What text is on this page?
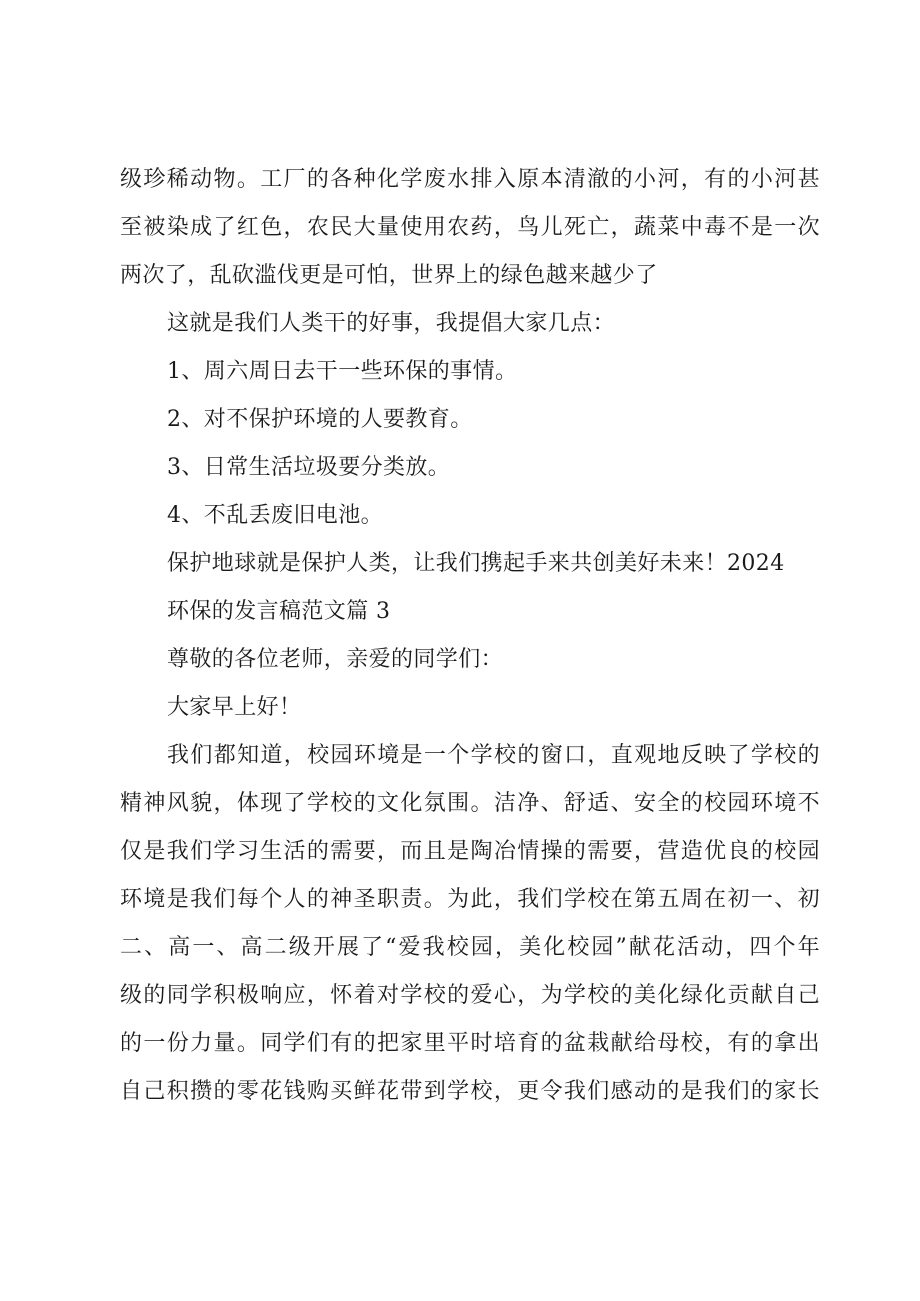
级珍稀动物。工厂的各种化学废水排入原本清澈的小河，有的小河甚
至被染成了红色，农民大量使用农药，鸟儿死亡，蔬菜中毒不是一次
两次了，乱砍滥伐更是可怕，世界上的绿色越来越少了
这就是我们人类干的好事，我提倡大家几点：
1、周六周日去干一些环保的事情。
2、对不保护环境的人要教育。
3、日常生活垃圾要分类放。
4、不乱丢废旧电池。
保护地球就是保护人类，让我们携起手来共创美好未来！2024
环保的发言稿范文篇 3
尊敬的各位老师，亲爱的同学们：
大家早上好！
我们都知道，校园环境是一个学校的窗口，直观地反映了学校的
精神风貌，体现了学校的文化氛围。洁净、舒适、安全的校园环境不
仅是我们学习生活的需要，而且是陶冶情操的需要，营造优良的校园
环境是我们每个人的神圣职责。为此，我们学校在第五周在初一、初
二、高一、高二级开展了“爱我校园，美化校园”献花活动，四个年
级的同学积极响应，怀着对学校的爱心，为学校的美化绿化贡献自己
的一份力量。同学们有的把家里平时培育的盆栽献给母校，有的拿出
自己积攒的零花钱购买鲜花带到学校，更令我们感动的是我们的家长
